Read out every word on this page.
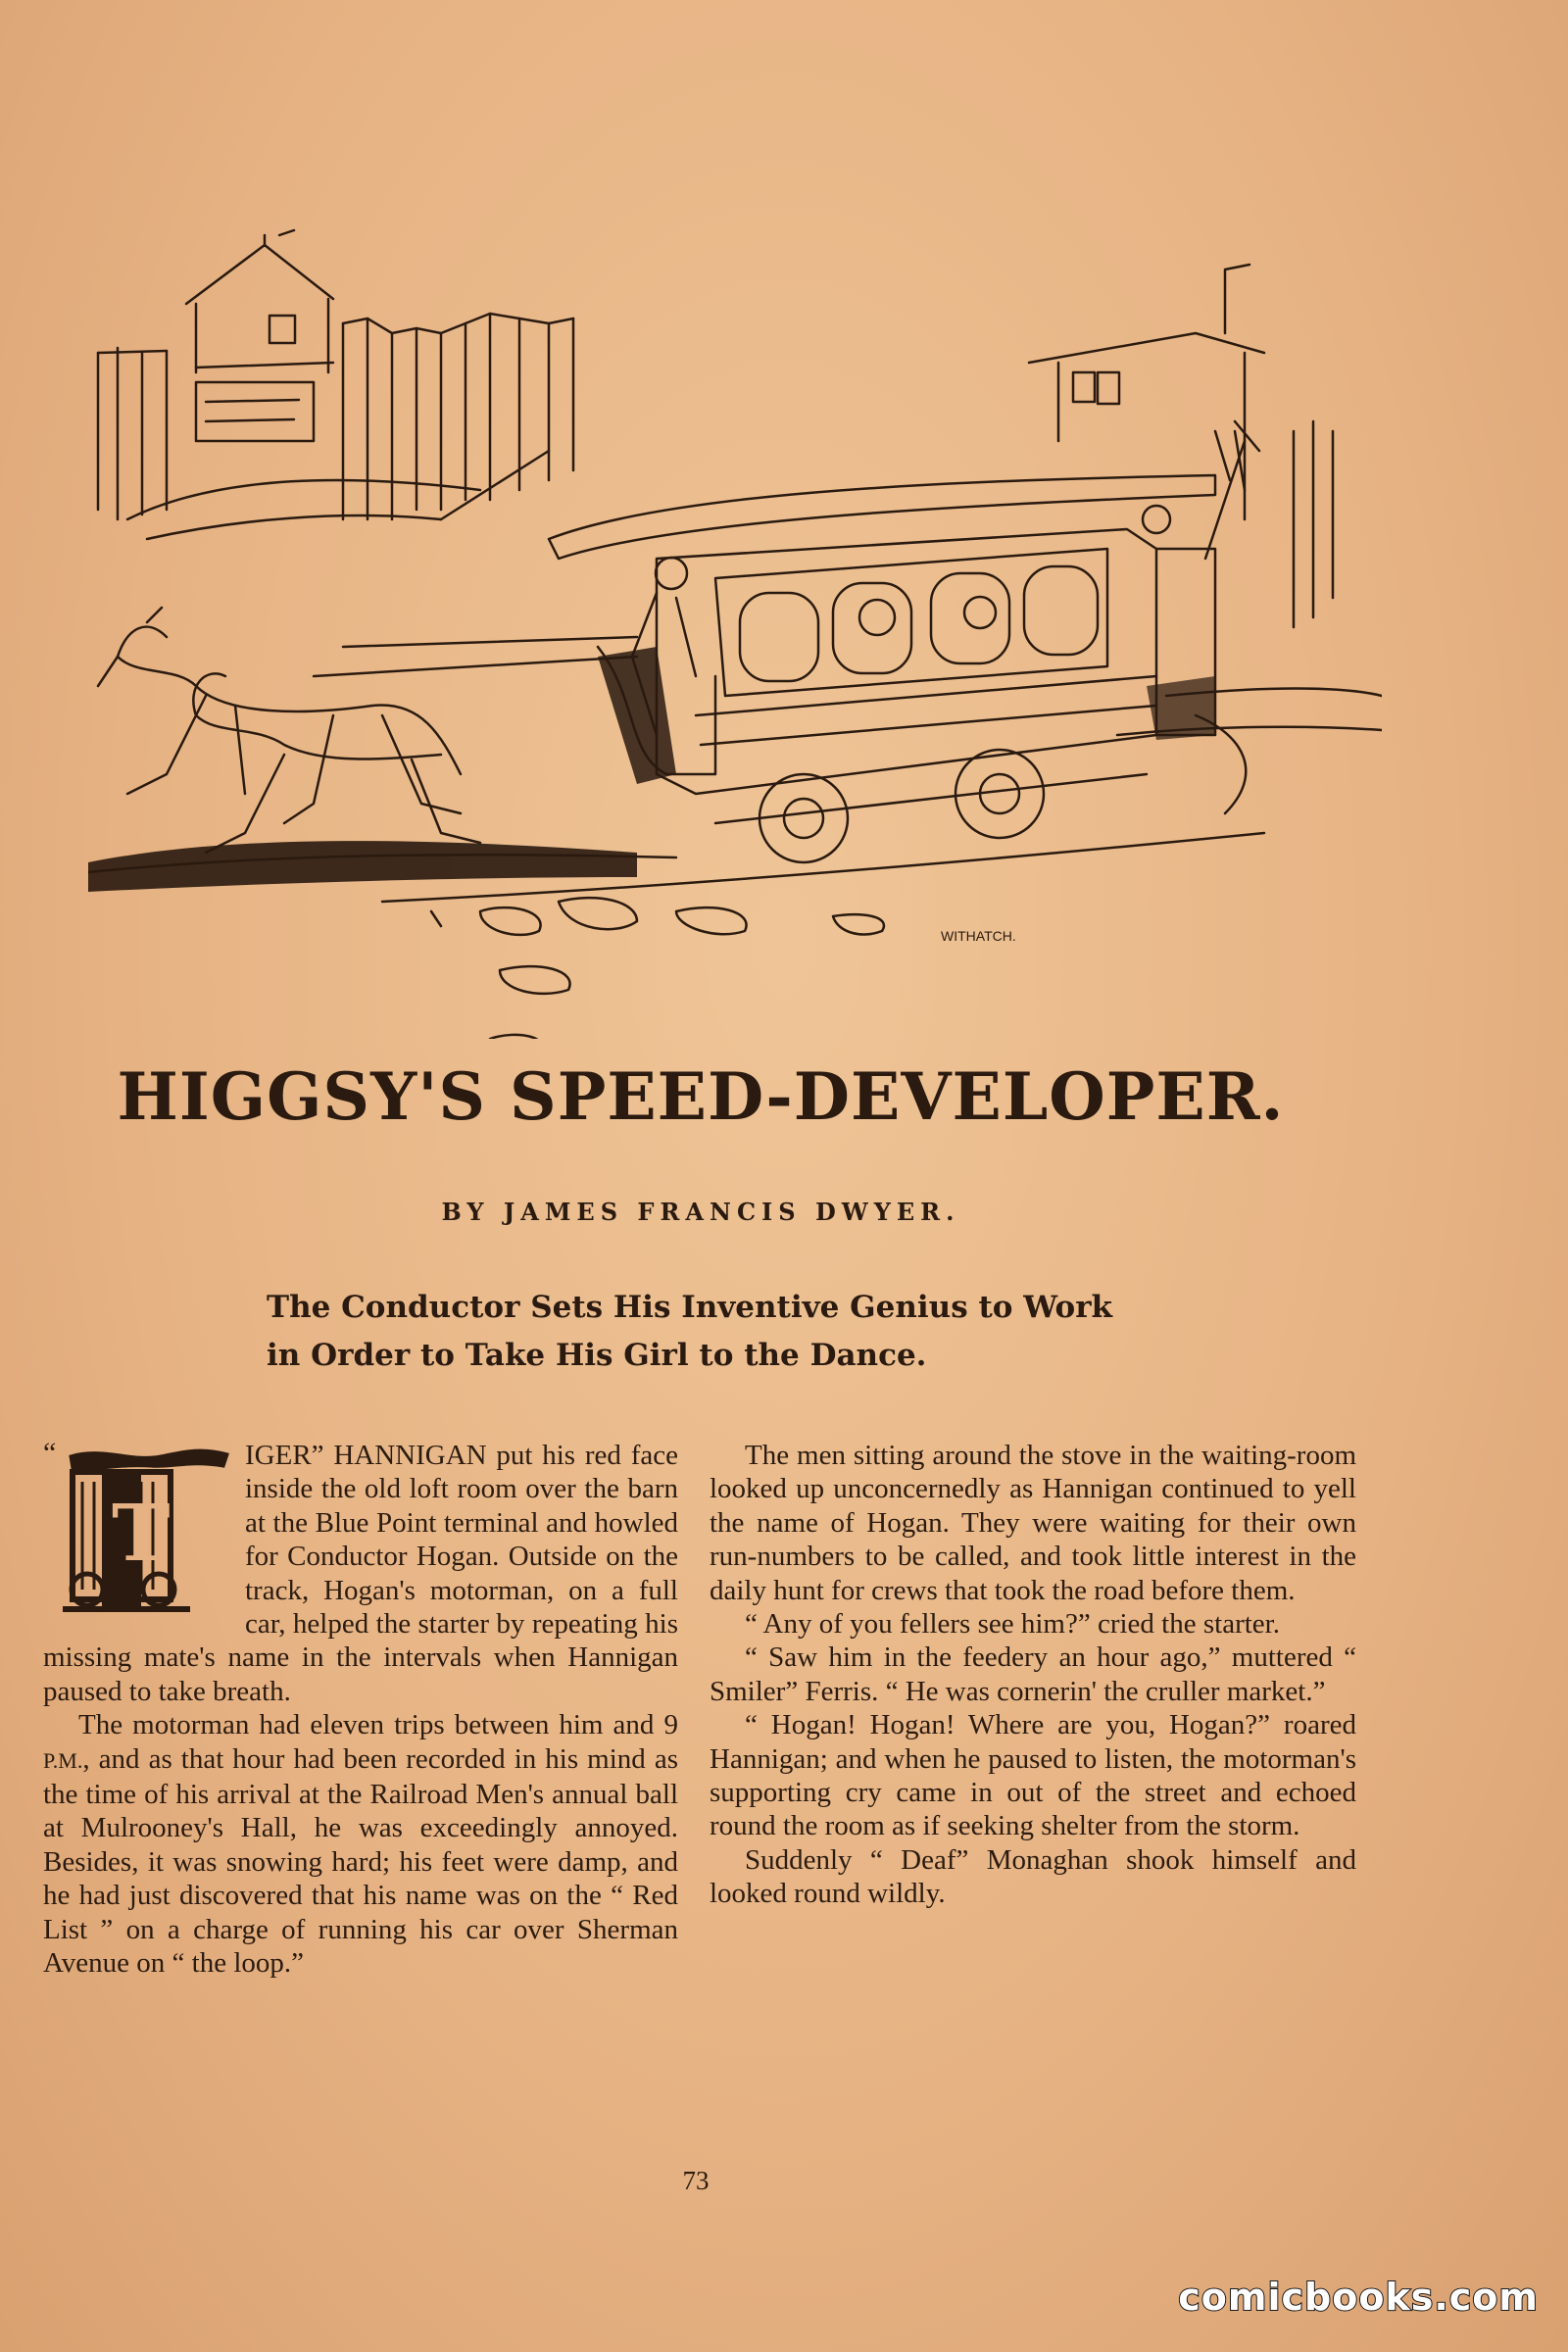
WITHATCH.
HIGGSY'S SPEED-DEVELOPER.
BY JAMES FRANCIS DWYER.
The Conductor Sets His Inventive Genius to Work in Order to Take His Girl to the Dance.

“
T
IGER” HANNIGAN put his red face inside the old loft room over the barn at the Blue Point terminal and howled for Conductor Hogan. Outside on the track, Hogan's motorman, on a full car, helped the starter by repeating his missing mate's name in the intervals when Hannigan paused to take breath.

The motorman had eleven trips between him and 9 P.M., and as that hour had been recorded in his mind as the time of his arrival at the Railroad Men's annual ball at Mulrooney's Hall, he was exceedingly annoyed. Besides, it was snowing hard; his feet were damp, and he had just discovered that his name was on the “ Red List ” on a charge of running his car over Sherman Avenue on “ the loop.”

The men sitting around the stove in the waiting-room looked up unconcernedly as Hannigan continued to yell the name of Hogan. They were waiting for their own run-numbers to be called, and took little interest in the daily hunt for crews that took the road before them.

“ Any of you fellers see him?” cried the starter.

“ Saw him in the feedery an hour ago,” muttered “ Smiler” Ferris. “ He was cornerin' the cruller market.”

“ Hogan! Hogan! Where are you, Hogan?” roared Hannigan; and when he paused to listen, the motorman's supporting cry came in out of the street and echoed round the room as if seeking shelter from the storm.

Suddenly “ Deaf” Monaghan shook himself and looked round wildly.

73
comicbooks.com
